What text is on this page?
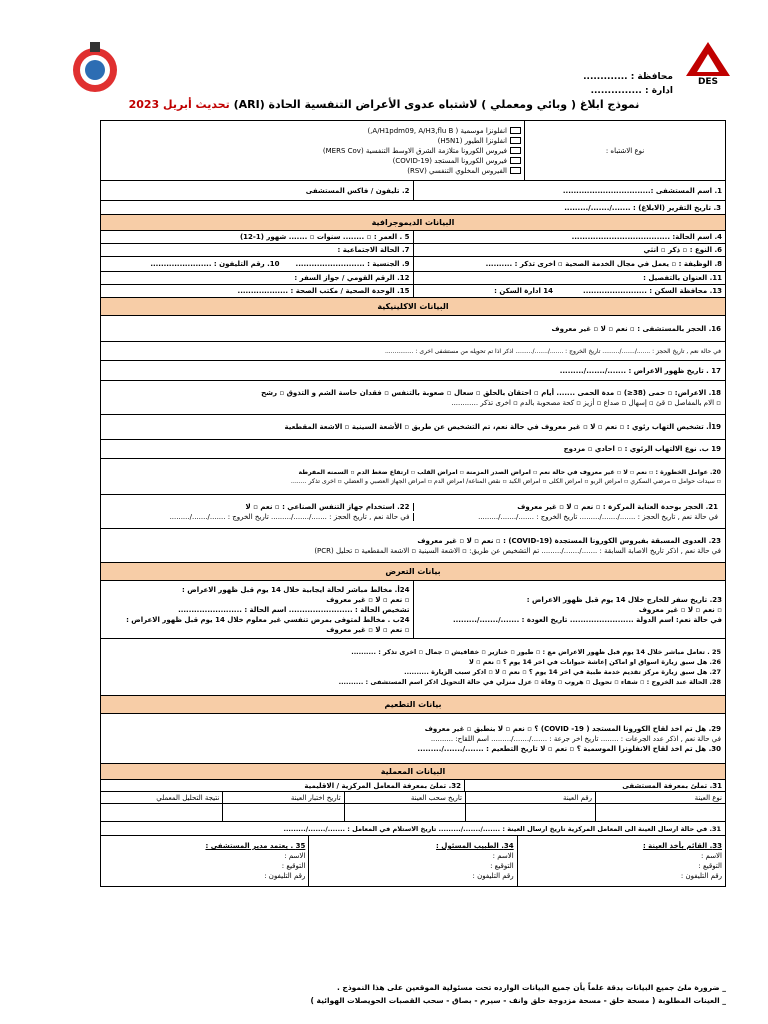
DES
محافظة : .............
ادارة : ...............
نموذج ابلاغ ( وبائي ومعملي ) لاشتباه عدوى الأعراض التنفسية الحادة (ARI) تحديث أبريل 2023
نوع الاشتباه :
انفلونزا موسمية ( A/H1pdm09, A/H3,flu B,)
انفلونزا الطيور (H5N1)
فيروس الكورونا متلازمة الشرق الاوسط التنفسية (MERS Cov)
فيروس الكورونا المستجد (COVID-19)
الفيروس المخلوي التنفسي (RSV)
1. اسم المستشفى :.................................
2. تليفون / فاكس المستشفى
3. تاريخ التقرير (الابلاغ) : ......./......./.........
البيانات الديموجرافية
4. اسم الحالة: .....................................
5 . العمر : ▫ ........ سنوات ▫ ....... شهور (1-12)
6. النوع : ▫ ذكر ▫ انثي
7. الحالة الاجتماعية :
8. الوظيفة : ▫ يعمل في مجال الخدمة الصحية ▫ اخرى تذكر : ..........
9. الجنسية : ..........................
10. رقم التليفون : .......................
11. العنوان بالتفصيل :
12. الرقم القومي / جواز السفر :
13. محافظة السكن : ........................
14 ادارة السكن :
15. الوحدة الصحية / مكتب الصحة : ...................
البيانات الاكلينيكية
16. الحجز بالمستشفى : ▫ نعم ▫ لا ▫ غير معروف
في حالة نعم , تاريخ الحجز : ......./......./......... تاريخ الخروج : ......./......./......... اذكر اذا تم تحويله من مستشفى اخرى : ...............
17 . تاريخ ظهور الاعراض : ......./......./.........
18. الاعراض: ▫ حمى (38≤) ▫ مدة الحمى ....... أيام ▫ احتقان بالحلق ▫ سعال ▫ صعوبة بالتنفس ▫ فقدان حاسة الشم و التذوق ▫ رشح
▫ الام بالمفاصل ▫ قئ ▫ إسهال ▫ صداع ▫ أزيز ▫ كحة مصحوبة بالدم ▫ اخرى تذكر ............
19أ. تشخيص التهاب رئوي : ▫ نعم ▫ لا ▫ غير معروف في حالة نعم، تم التشخيص عن طريق ▫ الأشعة السينية ▫ الاشعة المقطعية
19 ب. نوع الالتهاب الرئوي : ▫ احادي ▫ مزدوج
20. عوامل الخطورة : ▫ نعم ▫ لا ▫ غير معروف في حالة نعم ▫ امراض الصدر المزمنة ▫ امراض القلب ▫ ارتفاع ضغط الدم ▫ السمنه المفرطة
▫ سيدات حوامل ▫ مرضي السكري ▫ امراض الربو ▫ امراض الكلى ▫ امراض الكبد ▫ نقص المناعة/ امراض الدم ▫ امراض الجهاز العصبي و العضلي ▫ اخرى تذكر ........
21. الحجز بوحدة العناية المركزة : ▫ نعم ▫ لا ▫ غير معروف
22. استخدام جهاز التنفس الصناعي : ▫ نعم ▫ لا
في حالة نعم , تاريخ الحجز : ......./......./......... تاريخ الخروج : ......./......./.........
في حالة نعم , تاريخ الحجز : ......./......./......... تاريخ الخروج : ......./......./.........
23. العدوى المسبقة بفيروس الكورونا المستجدة (COVID-19) : ▫ نعم ▫ لا ▫ غير معروف
في حالة نعم , اذكر تاريخ الاصابة السابقة : ......./......./......... تم التشخيص عن طريق: ▫ الاشعة السينية ▫ الاشعة المقطعية ▫ تحليل (PCR)
بيانات التعرض
23. تاريخ سفر للخارج خلال 14 يوم قبل ظهور الاعراض :
▫ نعم ▫ لا ▫ غير معروف
في حالة نعم: اسم الدولة ........................ تاريخ العودة : ......./......./.........
24أ. مخالط مباشر لحالة ايجابية خلال 14 يوم قبل ظهور الاعراض :
▫ نعم ▫ لا ▫ غير معروف
تشخيص الحالة : ........................ اسم الحالة : ........................
24ب . مخالط لمتوفى بمرض تنفسي غير معلوم خلال 14 يوم قبل ظهور الاعراض :
▫ نعم ▫ لا ▫ غير معروف
25 . تعامل مباشر خلال 14 يوم قبل ظهور الاعراض مع : ▫ طيور ▫ خنازير ▫ خفافيش ▫ جمال ▫ اخرى تذكر : ..........
26. هل سبق زيارة اسواق او اماكن إعاشة حيوانات في اخر 14 يوم ؟ ▫ نعم ▫ لا
27. هل سبق زيارة مركز تقديم خدمة طبية في اخر 14 يوم ؟ ▫ نعم ▫ لا ▫ اذكر سبب الزيارة ..........
28. الحالة عند الخروج : ▫ شفاء ▫ تحويل ▫ هروب ▫ وفاة ▫ عزل منزلي في حالة التحويل اذكر اسم المستشفى : ..........
بيانات التطعيم
29. هل تم اخذ لقاح الكورونا المستجد ( COVID -19) ؟ ▫ نعم ▫ لا بنطبق ▫ غير معروف
في حالة نعم , اذكر عدد الجرعات : ........ تاريخ اخر جرعة : ......./......./......... اسم اللقاح: ..........
30. هل تم اخذ لقاح الانفلونزا الموسمية ؟ ▫ نعم ▫ لا تاريخ التطعيم : ......./......./.........
البيانات المعملية
31. تملئ بمعرفة المستشفى
32. تملئ بمعرفة المعامل المركزية / الاقليمية
نوع العينة
رقم العينة
تاريخ سحب العينة
تاريخ اختبار العينة
نتيجة التحليل المعملي
31. في حالة ارسال العينة الى المعامل المركزية تاريخ ارسال العينة : ......./......./......... تاريخ الاستلام في المعامل : ......./......./.........
33. القائم بأخذ العينة :
الاسم :
التوقيع :
رقم التليفون :
34. الطبيب المسئول :
الاسم :
التوقيع :
رقم التليفون :
35 . يعتمد مدير المستشفى :
الاسم :
التوقيع :
رقم التليفون :
_ ضرورة ملئ جميع البيانات بدقة علماً بأن جميع البيانات الوارده تحت مسئولية الموقعين على هذا النموذج .
_ العينات المطلوبة ( مسحة حلق - مسحة مزدوجة حلق وانف - سيرم - بصاق - سحب القصبات الحويصلات الهوائية )
